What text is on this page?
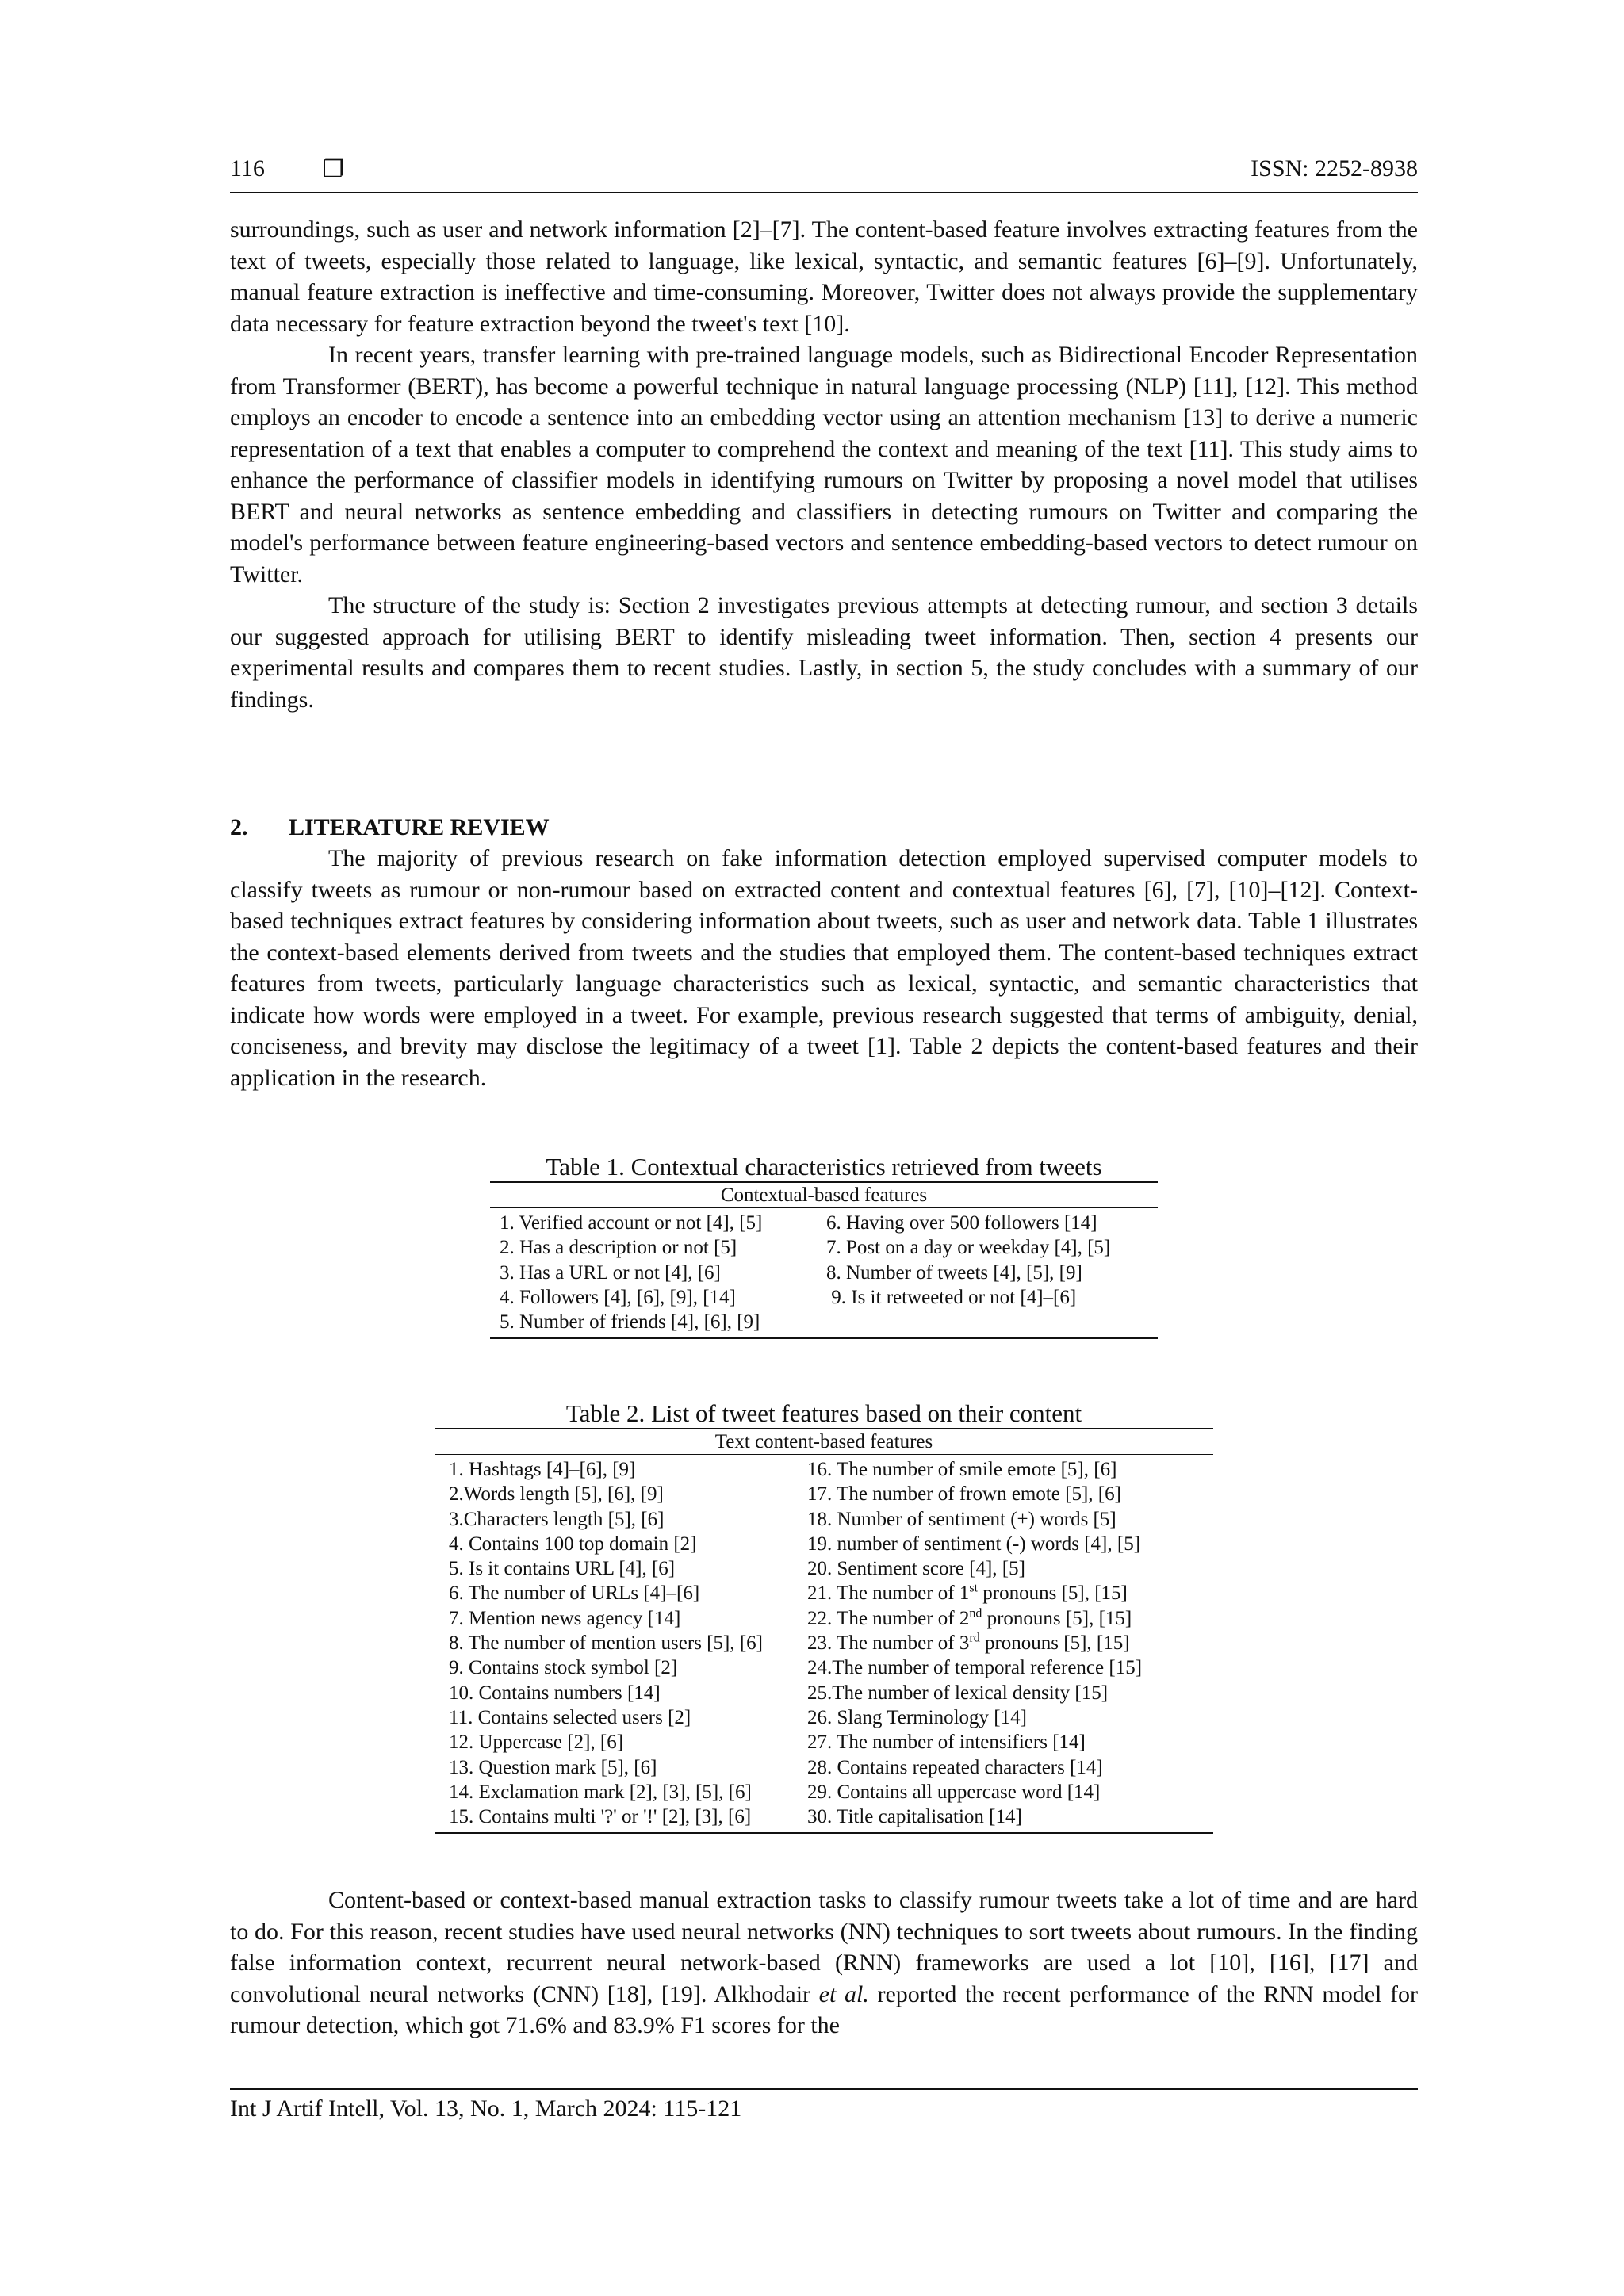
116 ❐	ISSN: 2252-8938

surroundings, such as user and network information [2]–[7]. The content-based feature involves extracting features from the text of tweets, especially those related to language, like lexical, syntactic, and semantic features [6]–[9]. Unfortunately, manual feature extraction is ineffective and time-consuming. Moreover, Twitter does not always provide the supplementary data necessary for feature extraction beyond the tweet's text [10].

In recent years, transfer learning with pre-trained language models, such as Bidirectional Encoder Representation from Transformer (BERT), has become a powerful technique in natural language processing (NLP) [11], [12]. This method employs an encoder to encode a sentence into an embedding vector using an attention mechanism [13] to derive a numeric representation of a text that enables a computer to comprehend the context and meaning of the text [11]. This study aims to enhance the performance of classifier models in identifying rumours on Twitter by proposing a novel model that utilises BERT and neural networks as sentence embedding and classifiers in detecting rumours on Twitter and comparing the model's performance between feature engineering-based vectors and sentence embedding-based vectors to detect rumour on Twitter.

The structure of the study is: Section 2 investigates previous attempts at detecting rumour, and section 3 details our suggested approach for utilising BERT to identify misleading tweet information. Then, section 4 presents our experimental results and compares them to recent studies. Lastly, in section 5, the study concludes with a summary of our findings.

2. LITERATURE REVIEW
The majority of previous research on fake information detection employed supervised computer models to classify tweets as rumour or non-rumour based on extracted content and contextual features [6], [7], [10]–[12]. Context-based techniques extract features by considering information about tweets, such as user and network data. Table 1 illustrates the context-based elements derived from tweets and the studies that employed them. The content-based techniques extract features from tweets, particularly language characteristics such as lexical, syntactic, and semantic characteristics that indicate how words were employed in a tweet. For example, previous research suggested that terms of ambiguity, denial, conciseness, and brevity may disclose the legitimacy of a tweet [1]. Table 2 depicts the content-based features and their application in the research.
Table 1. Contextual characteristics retrieved from tweets
Contextual-based features
1. Verified account or not [4], [5]	6. Having over 500 followers [14]
2. Has a description or not [5]	7. Post on a day or weekday [4], [5]
3. Has a URL or not [4], [6]	8. Number of tweets [4], [5], [9]
4. Followers [4], [6], [9], [14]	9. Is it retweeted or not [4]–[6]
5. Number of friends [4], [6], [9]
Table 2. List of tweet features based on their content
Text content-based features
1. Hashtags [4]–[6], [9]	16. The number of smile emote [5], [6]
2.Words length [5], [6], [9]	17. The number of frown emote [5], [6]
3.Characters length [5], [6]	18. Number of sentiment (+) words [5]
4. Contains 100 top domain [2]	19. number of sentiment (-) words [4], [5]
5. Is it contains URL [4], [6]	20. Sentiment score [4], [5]
6. The number of URLs [4]–[6]	21. The number of 1st pronouns [5], [15]
7. Mention news agency [14]	22. The number of 2nd pronouns [5], [15]
8. The number of mention users [5], [6]	23. The number of 3rd pronouns [5], [15]
9. Contains stock symbol [2]	24.The number of temporal reference [15]
10. Contains numbers [14]	25.The number of lexical density [15]
11. Contains selected users [2]	26. Slang Terminology [14]
12. Uppercase [2], [6]	27. The number of intensifiers [14]
13. Question mark [5], [6]	28. Contains repeated characters [14]
14. Exclamation mark [2], [3], [5], [6]	29. Contains all uppercase word [14]
15. Contains multi '?' or '!' [2], [3], [6]	30. Title capitalisation [14]

Content-based or context-based manual extraction tasks to classify rumour tweets take a lot of time and are hard to do. For this reason, recent studies have used neural networks (NN) techniques to sort tweets about rumours. In the finding false information context, recurrent neural network-based (RNN) frameworks are used a lot [10], [16], [17] and convolutional neural networks (CNN) [18], [19]. Alkhodair et al. reported the recent performance of the RNN model for rumour detection, which got 71.6% and 83.9% F1 scores for the

Int J Artif Intell, Vol. 13, No. 1, March 2024: 115-121
